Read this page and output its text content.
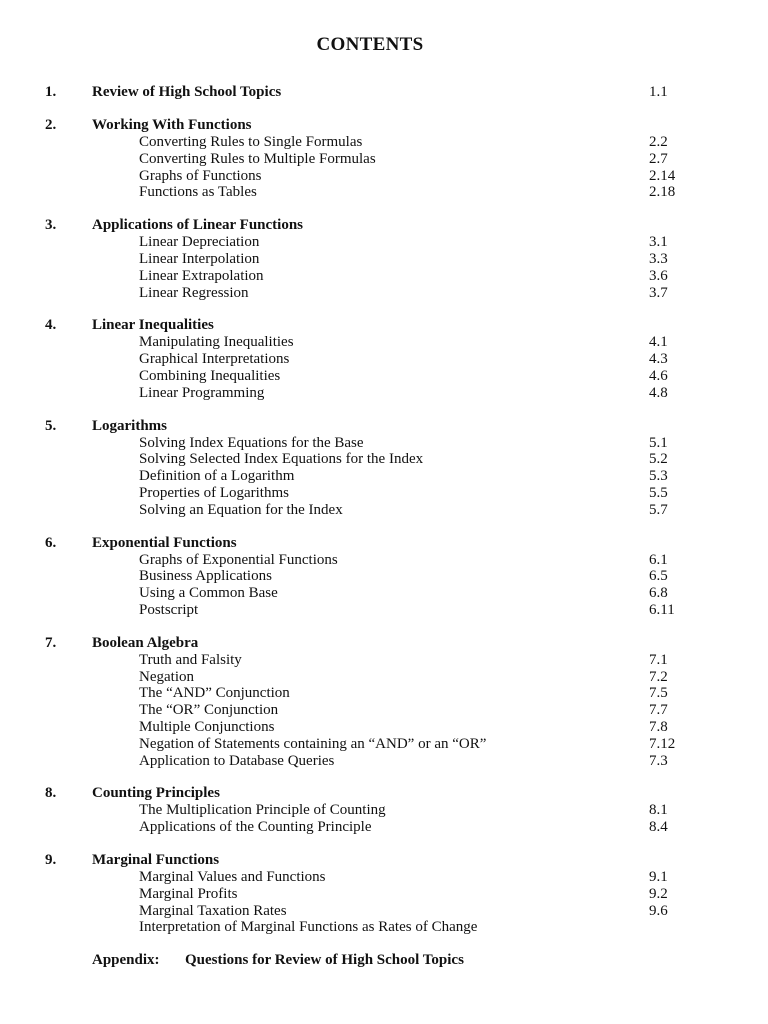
CONTENTS
1. Review of High School Topics	1.1
2. Working With Functions
Converting Rules to Single Formulas	2.2
Converting Rules to Multiple Formulas	2.7
Graphs of Functions	2.14
Functions as Tables	2.18
3. Applications of Linear Functions
Linear Depreciation	3.1
Linear Interpolation	3.3
Linear Extrapolation	3.6
Linear Regression	3.7
4. Linear Inequalities
Manipulating Inequalities	4.1
Graphical Interpretations	4.3
Combining Inequalities	4.6
Linear Programming	4.8
5. Logarithms
Solving Index Equations for the Base	5.1
Solving Selected Index Equations for the Index	5.2
Definition of a Logarithm	5.3
Properties of Logarithms	5.5
Solving an Equation for the Index	5.7
6. Exponential Functions
Graphs of Exponential Functions	6.1
Business Applications	6.5
Using a Common Base	6.8
Postscript	6.11
7. Boolean Algebra
Truth and Falsity	7.1
Negation	7.2
The “AND” Conjunction	7.5
The “OR” Conjunction	7.7
Multiple Conjunctions	7.8
Negation of Statements containing an “AND” or an “OR”	7.12
Application to Database Queries	7.3
8. Counting Principles
The Multiplication Principle of Counting	8.1
Applications of the Counting Principle	8.4
9. Marginal Functions
Marginal Values and Functions	9.1
Marginal Profits	9.2
Marginal Taxation Rates	9.6
Interpretation of Marginal Functions as Rates of Change
Appendix: Questions for Review of High School Topics
